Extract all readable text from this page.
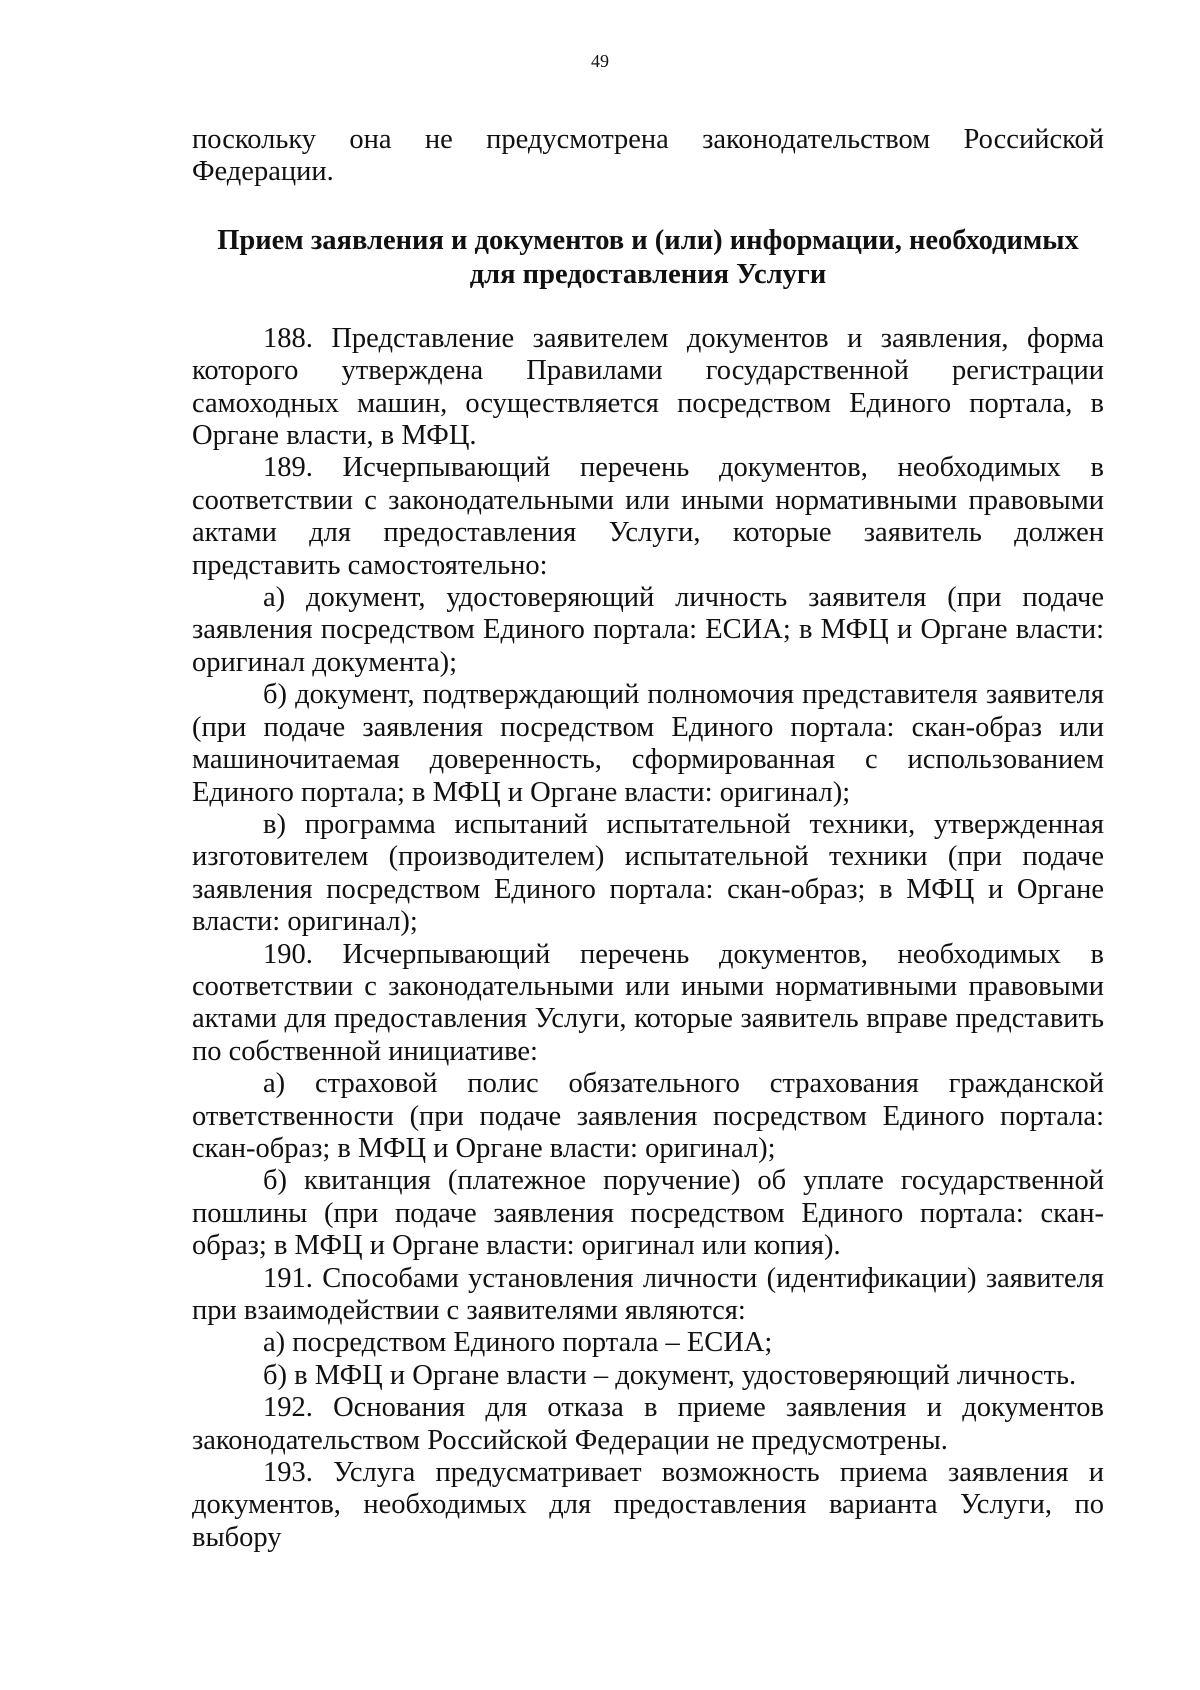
49

поскольку она не предусмотрена законодательством Российской Федерации.

Прием заявления и документов и (или) информации, необходимых для предоставления Услуги

188. Представление заявителем документов и заявления, форма которого утверждена Правилами государственной регистрации самоходных машин, осуществляется посредством Единого портала, в Органе власти, в МФЦ.

189. Исчерпывающий перечень документов, необходимых в соответствии с законодательными или иными нормативными правовыми актами для предоставления Услуги, которые заявитель должен представить самостоятельно:

а) документ, удостоверяющий личность заявителя (при подаче заявления посредством Единого портала: ЕСИА; в МФЦ и Органе власти: оригинал документа);

б) документ, подтверждающий полномочия представителя заявителя (при подаче заявления посредством Единого портала: скан-образ или машиночитаемая доверенность, сформированная с использованием Единого портала; в МФЦ и Органе власти: оригинал);

в) программа испытаний испытательной техники, утвержденная изготовителем (производителем) испытательной техники (при подаче заявления посредством Единого портала: скан-образ; в МФЦ и Органе власти: оригинал);

190. Исчерпывающий перечень документов, необходимых в соответствии с законодательными или иными нормативными правовыми актами для предоставления Услуги, которые заявитель вправе представить по собственной инициативе:

а) страховой полис обязательного страхования гражданской ответственности (при подаче заявления посредством Единого портала: скан-образ; в МФЦ и Органе власти: оригинал);

б) квитанция (платежное поручение) об уплате государственной пошлины (при подаче заявления посредством Единого портала: скан-образ; в МФЦ и Органе власти: оригинал или копия).

191. Способами установления личности (идентификации) заявителя при взаимодействии с заявителями являются:

а) посредством Единого портала – ЕСИА;

б) в МФЦ и Органе власти – документ, удостоверяющий личность.

192. Основания для отказа в приеме заявления и документов законодательством Российской Федерации не предусмотрены.

193. Услуга предусматривает возможность приема заявления и документов, необходимых для предоставления варианта Услуги, по выбору
